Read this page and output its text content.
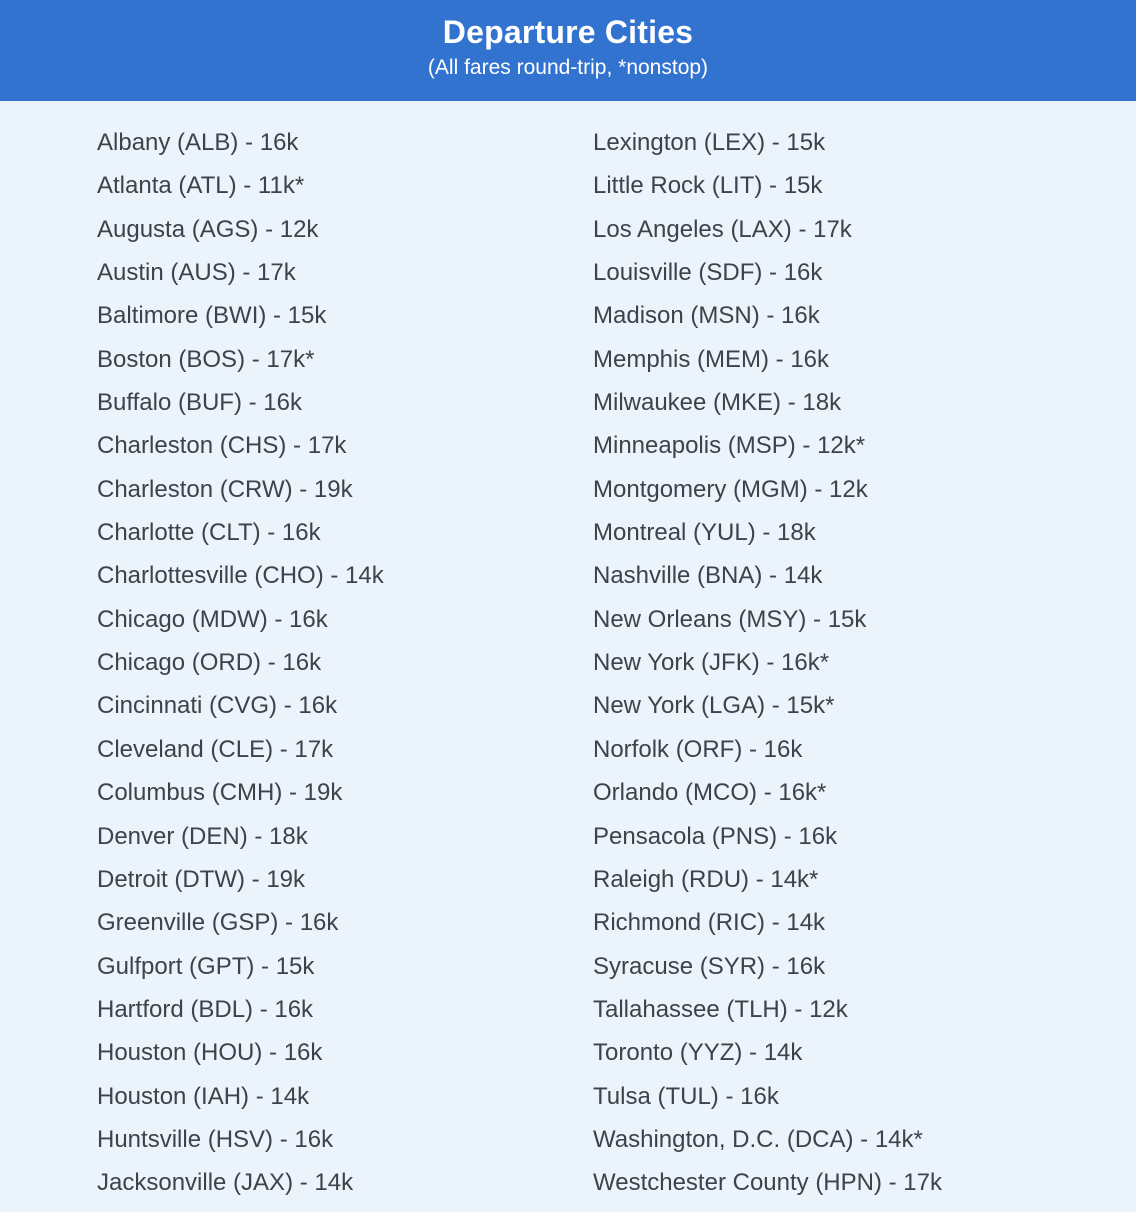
Departure Cities
(All fares round-trip, *nonstop)
Albany (ALB) - 16k
Atlanta (ATL) - 11k*
Augusta (AGS) - 12k
Austin (AUS) - 17k
Baltimore (BWI) - 15k
Boston (BOS) - 17k*
Buffalo (BUF) - 16k
Charleston (CHS) - 17k
Charleston (CRW) - 19k
Charlotte (CLT) - 16k
Charlottesville (CHO) - 14k
Chicago (MDW) - 16k
Chicago (ORD) - 16k
Cincinnati (CVG) - 16k
Cleveland (CLE) - 17k
Columbus (CMH) - 19k
Denver (DEN) - 18k
Detroit (DTW) - 19k
Greenville (GSP) - 16k
Gulfport (GPT) - 15k
Hartford (BDL) - 16k
Houston (HOU) - 16k
Houston (IAH) - 14k
Huntsville (HSV) - 16k
Jacksonville (JAX) - 14k
Lexington (LEX) - 15k
Little Rock (LIT) - 15k
Los Angeles (LAX) - 17k
Louisville (SDF) - 16k
Madison (MSN) - 16k
Memphis (MEM) - 16k
Milwaukee (MKE) - 18k
Minneapolis (MSP) - 12k*
Montgomery (MGM) - 12k
Montreal (YUL) - 18k
Nashville (BNA) - 14k
New Orleans (MSY) - 15k
New York (JFK) - 16k*
New York (LGA) - 15k*
Norfolk (ORF) - 16k
Orlando (MCO) - 16k*
Pensacola (PNS) - 16k
Raleigh (RDU) - 14k*
Richmond (RIC) - 14k
Syracuse (SYR) - 16k
Tallahassee (TLH) - 12k
Toronto (YYZ) - 14k
Tulsa (TUL) - 16k
Washington, D.C. (DCA) - 14k*
Westchester County (HPN) - 17k
